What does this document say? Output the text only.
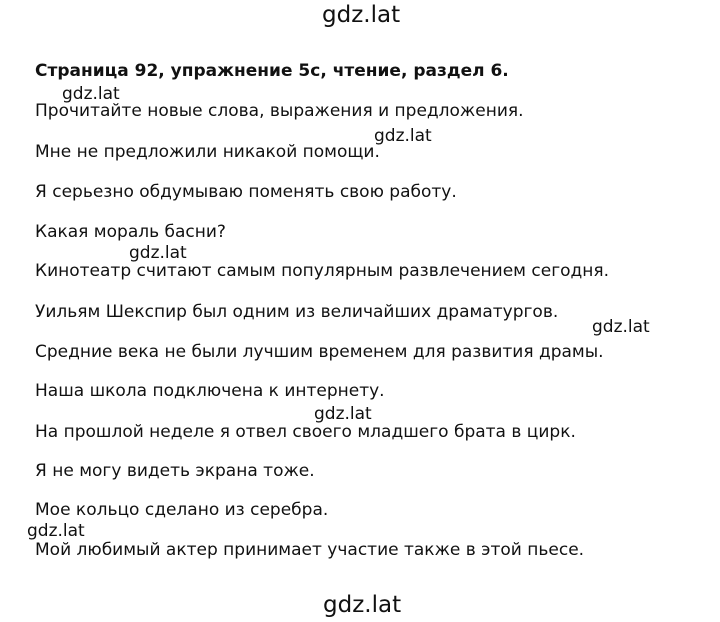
gdz.lat
Страница 92, упражнение 5с, чтение, раздел 6.
gdz.lat
gdz.lat
gdz.lat
gdz.lat
gdz.lat
gdz.lat
Прочитайте новые слова, выражения и предложения.
Мне не предложили никакой помощи.
Я серьезно обдумываю поменять свою работу.
Какая мораль басни?
Кинотеатр считают самым популярным развлечением сегодня.
Уильям Шекспир был одним из величайших драматургов.
Средние века не были лучшим временем для развития драмы.
Наша школа подключена к интернету.
На прошлой неделе я отвел своего младшего брата в цирк.
Я не могу видеть экрана тоже.
Мое кольцо сделано из серебра.
Мой любимый актер принимает участие также в этой пьесе.
gdz.lat
